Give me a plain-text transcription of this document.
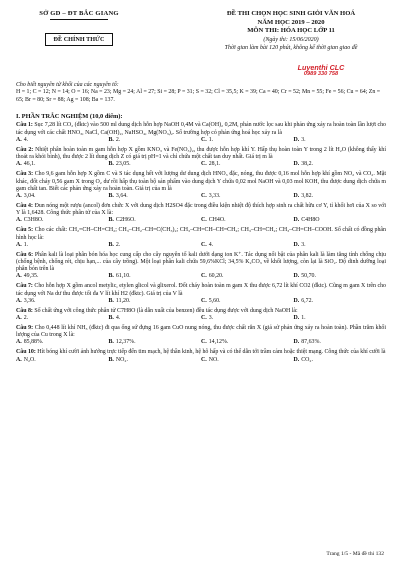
SỞ GD – ĐT BẮC GIANG
ĐỀ CHÍNH THỨC
ĐỀ THI CHỌN HỌC SINH GIỎI VĂN HOÁ
NĂM HỌC 2019 – 2020
MÔN THI: HÓA HỌC LỚP 11
(Ngày thi: 15/06/2020)
Thời gian làm bài 120 phút, không kể thời gian giao đề
Luyenthi CLC
0989 330 758
Cho biết nguyên tử khối của các nguyên tố:
H = 1; C = 12; N = 14; O = 16; Na = 23; Mg = 24; Al = 27; Si = 28; P = 31; S = 32; Cl = 35,5; K = 39; Ca = 40; Cr = 52; Mn = 55; Fe = 56; Cu = 64; Zn = 65; Br = 80; Sr = 88; Ag = 108; Ba = 137.
I. PHẦN TRẮC NGHIỆM (10,0 điểm):
Câu 1: Sục 7,28 lít CO₂ (đktc) vào 500 ml dung dịch hỗn hợp NaOH 0,4M và Ca(OH)₂ 0,2M, phản nước lọc sau khi phản ứng xảy ra hoàn toàn lần lượt cho tác dụng với các chất HNO₃, NaCl, Ca(OH)₂, NaHSO₄, Mg(NO₃)₂. Số trường hợp có phản ứng hoá học xảy ra là
A. 4.	B. 2.	C. 1.	D. 3.
Câu 2: Nhiệt phân hoàn toàn m gam hỗn hợp X gồm KNO₃ và Fe(NO₃)₂, thu được hỗn hợp khí Y. Hấp thụ hoàn toàn Y trong 2 lít H₂O (không thấy khí thoát ra khỏi bình), thu được 2 lít dung dịch Z có giá trị pH=1 và chỉ chứa một chất tan duy nhất. Giá trị m là
A. 46,1.	B. 23,05.	C. 28,1.	D. 38,2.
Câu 3: Cho 9,6 gam hỗn hợp X gồm C và S tác dụng hết với lượng dư dung dịch HNO₃ đặc, nóng, thu được 0,16 mol hỗn hợp khí gồm NO₂ và CO₂. Mặt khác, đốt cháy 0,56 gam X trong O₂ dư rồi hấp thụ toàn bộ sản phẩm vào dung dịch Y chứa 0,02 mol NaOH và 0,03 mol KOH, thu được dung dịch chứa m gam chất tan. Biết các phản ứng xảy ra hoàn toàn. Giá trị của m là
A. 3,04.	B. 3,64.	C. 3,33.	D. 3,82.
Câu 4: Đun nóng một rượu (ancol) đơn chức X với dung dịch H2SO4 đặc trong điều kiện nhiệt độ thích hợp sinh ra chất hữu cơ Y, tỉ khối hơi của X so với Y là 1,6428. Công thức phân tử của X là:
A. C3H8O.	B. C2H6O.	C. CH4O.	D. C4H8O
Câu 5: Cho các chất: CH₂=CH–CH=CH₂; CH₃–CH₂–CH=C(CH₃)₂; CH₃–CH=CH–CH=CH₂; CH₃–CH=CH₂; CH₃–CH=CH–COOH. Số chất có đồng phân hình học là:
A. 1.	B. 2.	C. 4.	D. 3.
Câu 6: Phân kali là loại phân bón hóa học cung cấp cho cây nguyên tố kali dưới dạng ion K⁺. Tác dụng nổi bật của phân kali là làm tăng tính chống chịu (chống bệnh, chống rét, chịu hạn,... của cây trồng). Một loại phân kali chứa 59,6%KCl; 34,5% K₂CO₃ về khối lượng, còn lại là SiO₂. Độ dinh dưỡng loại phân bón trên là
A. 49,35.	B. 61,10.	C. 60,20.	D. 50,70.
Câu 7: Cho hỗn hợp X gồm ancol metylic, etylen glicol và glixerol. Đốt cháy hoàn toàn m gam X thu được 6,72 lít khí CO2 (đktc). Cũng m gam X trên cho tác dụng với Na dư thu được tối đa V lít khí H2 (đktc). Giá trị của V là
A. 3,36.	B. 11,20.	C. 5,60.	D. 6,72.
Câu 8: Số chất ứng với công thức phân tử C7H8O (là dẫn xuất của benzen) đều tác dụng được với dung dịch NaOH là:
A. 2.	B. 4.	C. 3.	D. 1.
Câu 9: Cho 0,448 lít khí NH₃ (đktc) đi qua ống sứ đựng 16 gam CuO nung nóng, thu được chất rắn X (giả sử phản ứng xảy ra hoàn toàn). Phần trăm khối lượng của Cu trong X là:
A. 85,88%.	B. 12,37%.	C. 14,12%.	D. 87,63%.
Câu 10: Hít bóng khí cười ảnh hưởng trực tiếp đến tim mạch, hệ thần kinh, hệ hô hấp và có thể dẫn tới trầm cảm hoặc thiệt mạng. Công thức của khí cười là
A. N₂O.	B. NO₂.	C. NO.	D. CO₂.
Trang 1/5 - Mã đề thi 132
